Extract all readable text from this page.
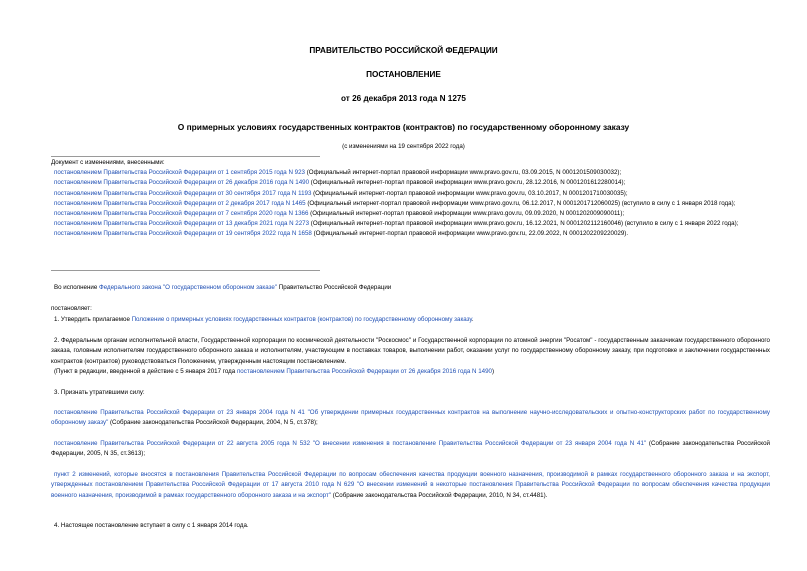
ПРАВИТЕЛЬСТВО РОССИЙСКОЙ ФЕДЕРАЦИИ
ПОСТАНОВЛЕНИЕ
от 26 декабря 2013 года N 1275
О примерных условиях государственных контрактов (контрактов) по государственному оборонному заказу
(с изменениями на 19 сентября 2022 года)
Документ с изменениями, внесенными:
постановлением Правительства Российской Федерации от 1 сентября 2015 года N 923 (Официальный интернет-портал правовой информации www.pravo.gov.ru, 03.09.2015, N 0001201509030032);
постановлением Правительства Российской Федерации от 26 декабря 2016 года N 1490 (Официальный интернет-портал правовой информации www.pravo.gov.ru, 28.12.2016, N 0001201612280014);
постановлением Правительства Российской Федерации от 30 сентября 2017 года N 1193 (Официальный интернет-портал правовой информации www.pravo.gov.ru, 03.10.2017, N 0001201710030035);
постановлением Правительства Российской Федерации от 2 декабря 2017 года N 1465 (Официальный интернет-портал правовой информации www.pravo.gov.ru, 06.12.2017, N 0001201712060025) (вступило в силу с 1 января 2018 года);
постановлением Правительства Российской Федерации от 7 сентября 2020 года N 1366 (Официальный интернет-портал правовой информации www.pravo.gov.ru, 09.09.2020, N 0001202009090011);
постановлением Правительства Российской Федерации от 13 декабря 2021 года N 2273 (Официальный интернет-портал правовой информации www.pravo.gov.ru, 16.12.2021, N 0001202112160046) (вступило в силу с 1 января 2022 года);
постановлением Правительства Российской Федерации от 19 сентября 2022 года N 1658 (Официальный интернет-портал правовой информации www.pravo.gov.ru, 22.09.2022, N 0001202209220029).
Во исполнение Федерального закона "О государственном оборонном заказе" Правительство Российской Федерации
постановляет:
1. Утвердить прилагаемое Положение о примерных условиях государственных контрактов (контрактов) по государственному оборонному заказу.
2. Федеральным органам исполнительной власти, Государственной корпорации по космической деятельности "Роскосмос" и Государственной корпорации по атомной энергии "Росатом" - государственным заказчикам государственного оборонного заказа, головным исполнителям государственного оборонного заказа и исполнителям, участвующим в поставках товаров, выполнении работ, оказании услуг по государственному оборонному заказу, при подготовке и заключении государственных контрактов (контрактов) руководствоваться Положением, утвержденным настоящим постановлением.
(Пункт в редакции, введенной в действие с 5 января 2017 года постановлением Правительства Российской Федерации от 26 декабря 2016 года N 1490)
3. Признать утратившими силу:
постановление Правительства Российской Федерации от 23 января 2004 года N 41 "Об утверждении примерных государственных контрактов на выполнение научно-исследовательских и опытно-конструкторских работ по государственному оборонному заказу" (Собрание законодательства Российской Федерации, 2004, N 5, ст.378);
постановление Правительства Российской Федерации от 22 августа 2005 года N 532 "О внесении изменения в постановление Правительства Российской Федерации от 23 января 2004 года N 41" (Собрание законодательства Российской Федерации, 2005, N 35, ст.3613);
пункт 2 изменений, которые вносятся в постановления Правительства Российской Федерации по вопросам обеспечения качества продукции военного назначения, производимой в рамках государственного оборонного заказа и на экспорт, утвержденных постановлением Правительства Российской Федерации от 17 августа 2010 года N 629 "О внесении изменений в некоторые постановления Правительства Российской Федерации по вопросам обеспечения качества продукции военного назначения, производимой в рамках государственного оборонного заказа и на экспорт" (Собрание законодательства Российской Федерации, 2010, N 34, ст.4481).
4. Настоящее постановление вступает в силу с 1 января 2014 года.
